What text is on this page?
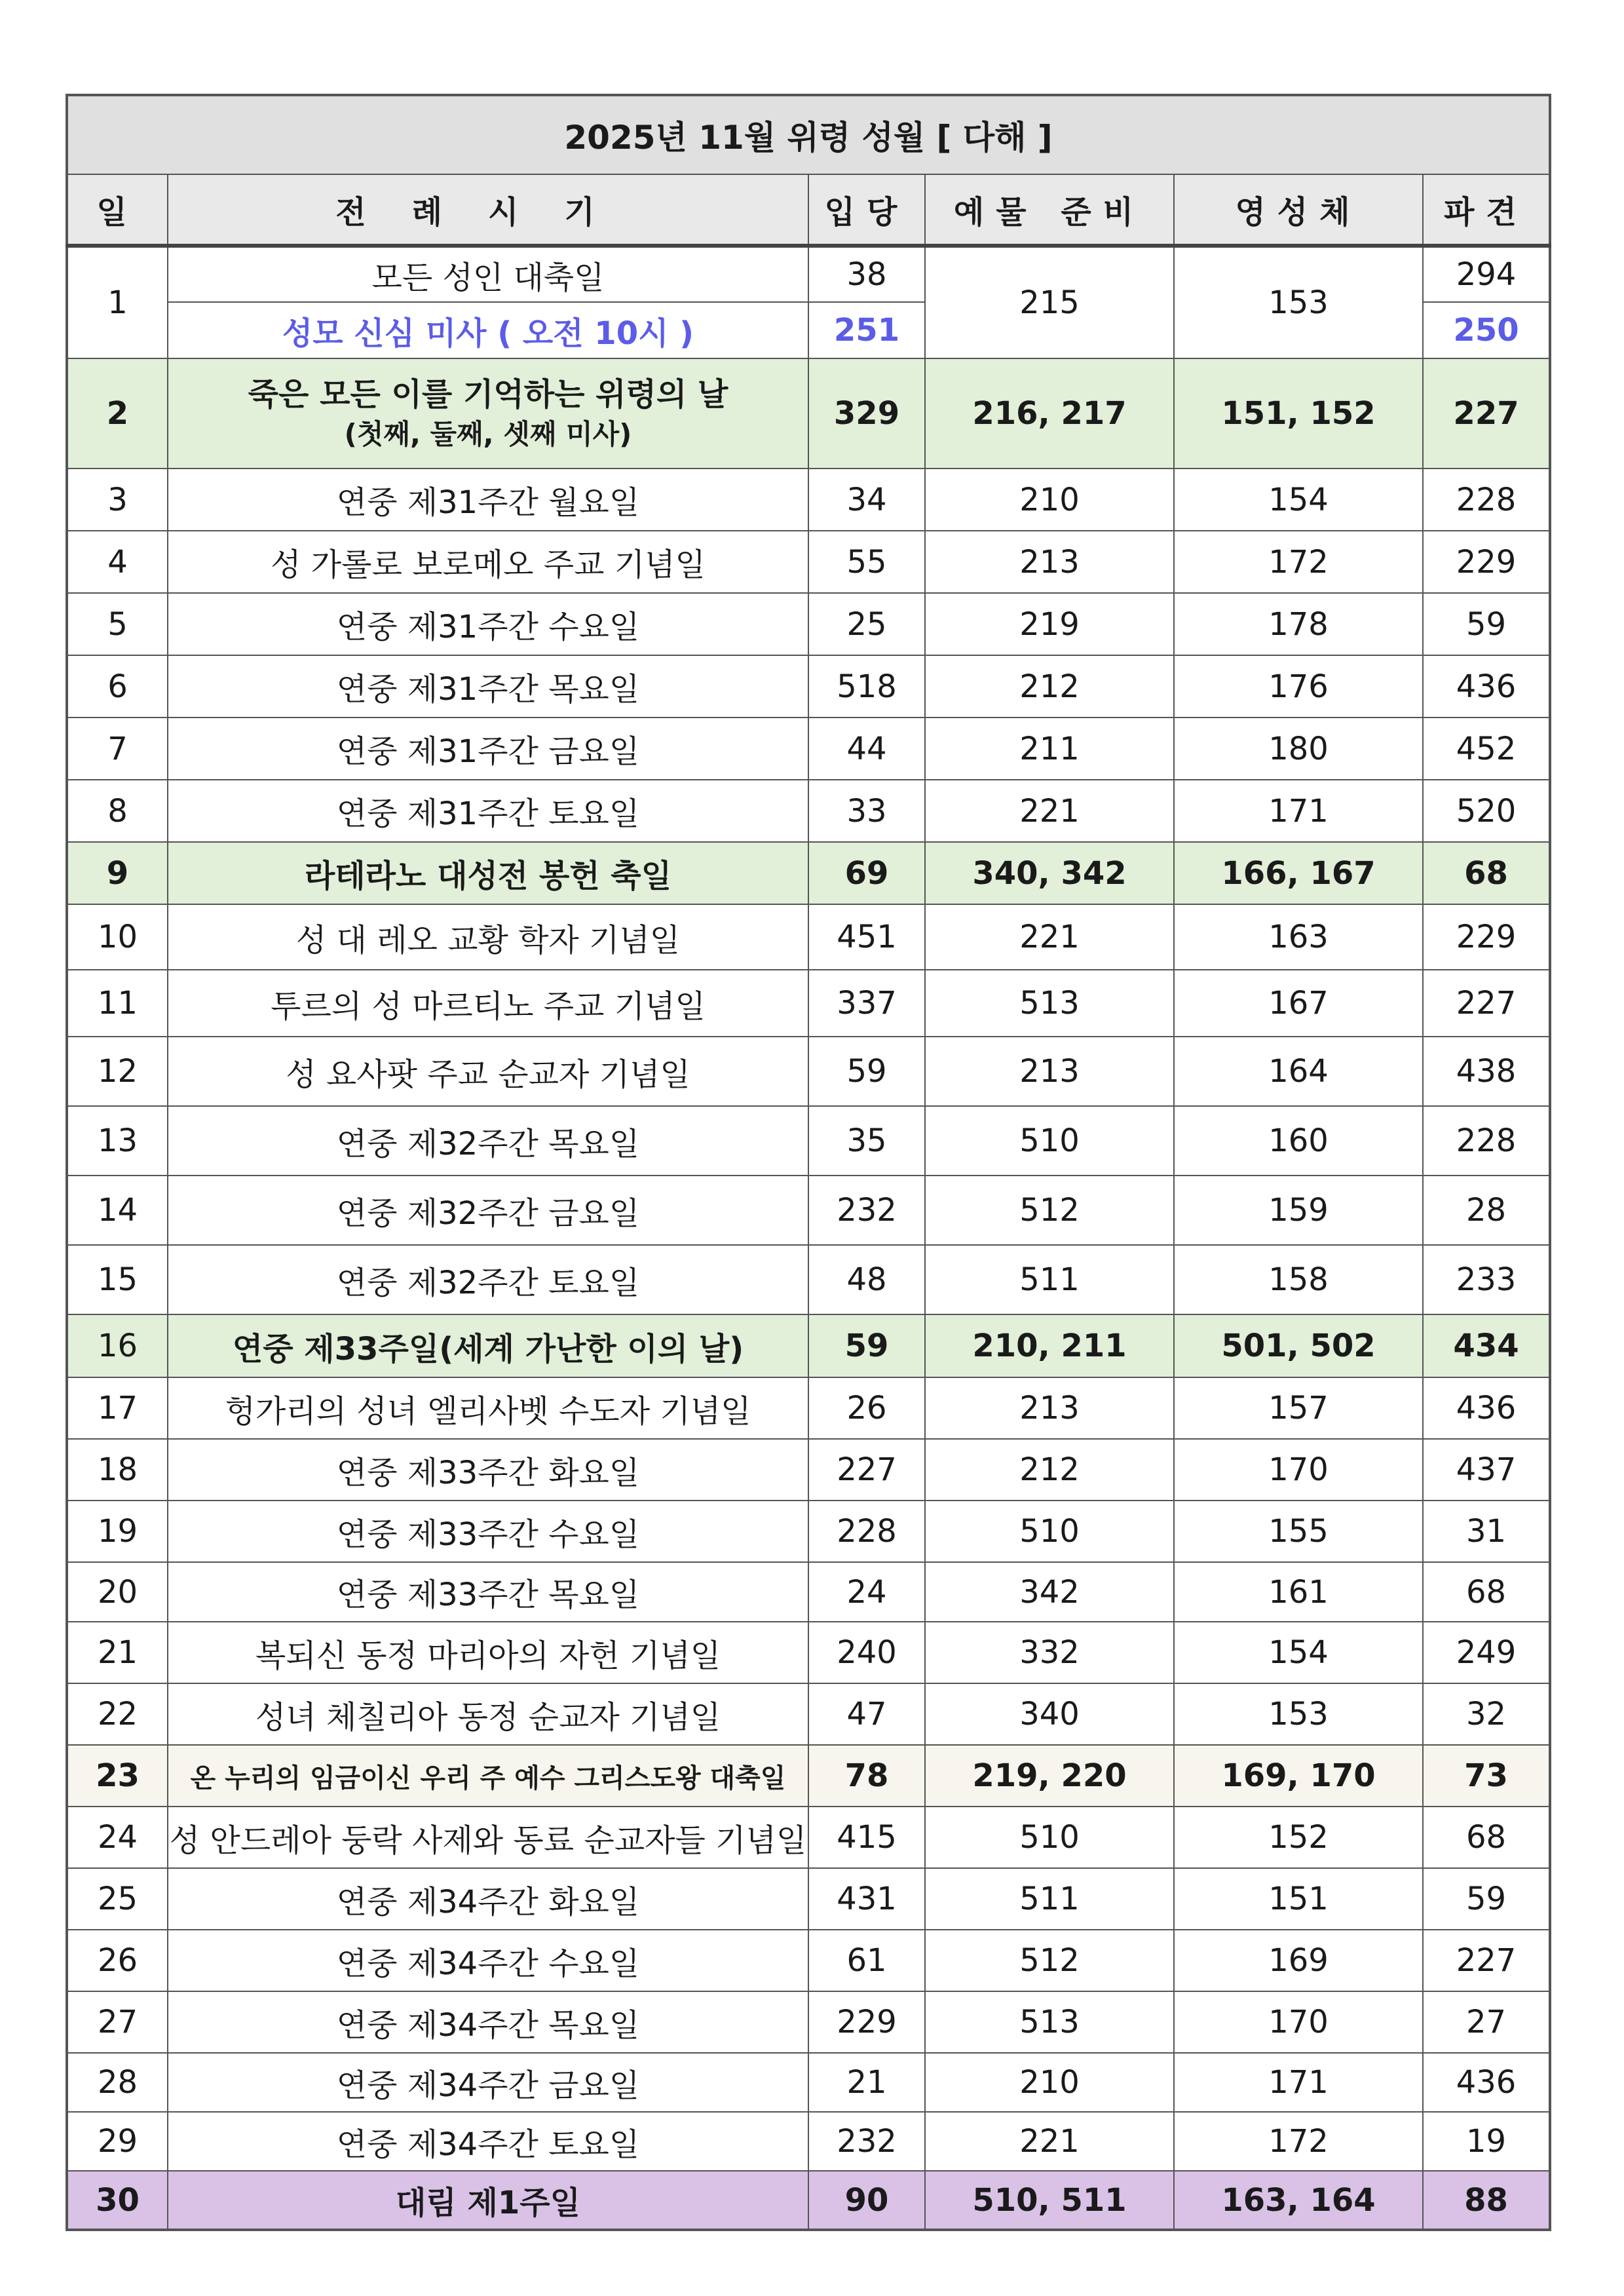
2025년 11월 위령 성월 [ 다해 ]					
일	전례시기	입당	예물 준비	영성체	파견
1	모든 성인 대축일	38	215	153	294
	성모 신심 미사 ( 오전 10시 )	251			250
2	죽은 모든 이를 기억하는 위령의 날
(첫째, 둘째, 셋째 미사)	329	216, 217	151, 152	227
3	연중 제31주간 월요일	34	210	154	228
4	성 가롤로 보로메오 주교 기념일	55	213	172	229
5	연중 제31주간 수요일	25	219	178	59
6	연중 제31주간 목요일	518	212	176	436
7	연중 제31주간 금요일	44	211	180	452
8	연중 제31주간 토요일	33	221	171	520
9	라테라노 대성전 봉헌 축일	69	340, 342	166, 167	68
10	성 대 레오 교황 학자 기념일	451	221	163	229
11	투르의 성 마르티노 주교 기념일	337	513	167	227
12	성 요사팟 주교 순교자 기념일	59	213	164	438
13	연중 제32주간 목요일	35	510	160	228
14	연중 제32주간 금요일	232	512	159	28
15	연중 제32주간 토요일	48	511	158	233
16	연중 제33주일(세계 가난한 이의 날)	59	210, 211	501, 502	434
17	헝가리의 성녀 엘리사벳 수도자 기념일	26	213	157	436
18	연중 제33주간 화요일	227	212	170	437
19	연중 제33주간 수요일	228	510	155	31
20	연중 제33주간 목요일	24	342	161	68
21	복되신 동정 마리아의 자헌 기념일	240	332	154	249
22	성녀 체칠리아 동정 순교자 기념일	47	340	153	32
23	온 누리의 임금이신 우리 주 예수 그리스도왕 대축일	78	219, 220	169, 170	73
24	성 안드레아 둥락 사제와 동료 순교자들 기념일	415	510	152	68
25	연중 제34주간 화요일	431	511	151	59
26	연중 제34주간 수요일	61	512	169	227
27	연중 제34주간 목요일	229	513	170	27
28	연중 제34주간 금요일	21	210	171	436
29	연중 제34주간 토요일	232	221	172	19
30	대림 제1주일	90	510, 511	163, 164	88
